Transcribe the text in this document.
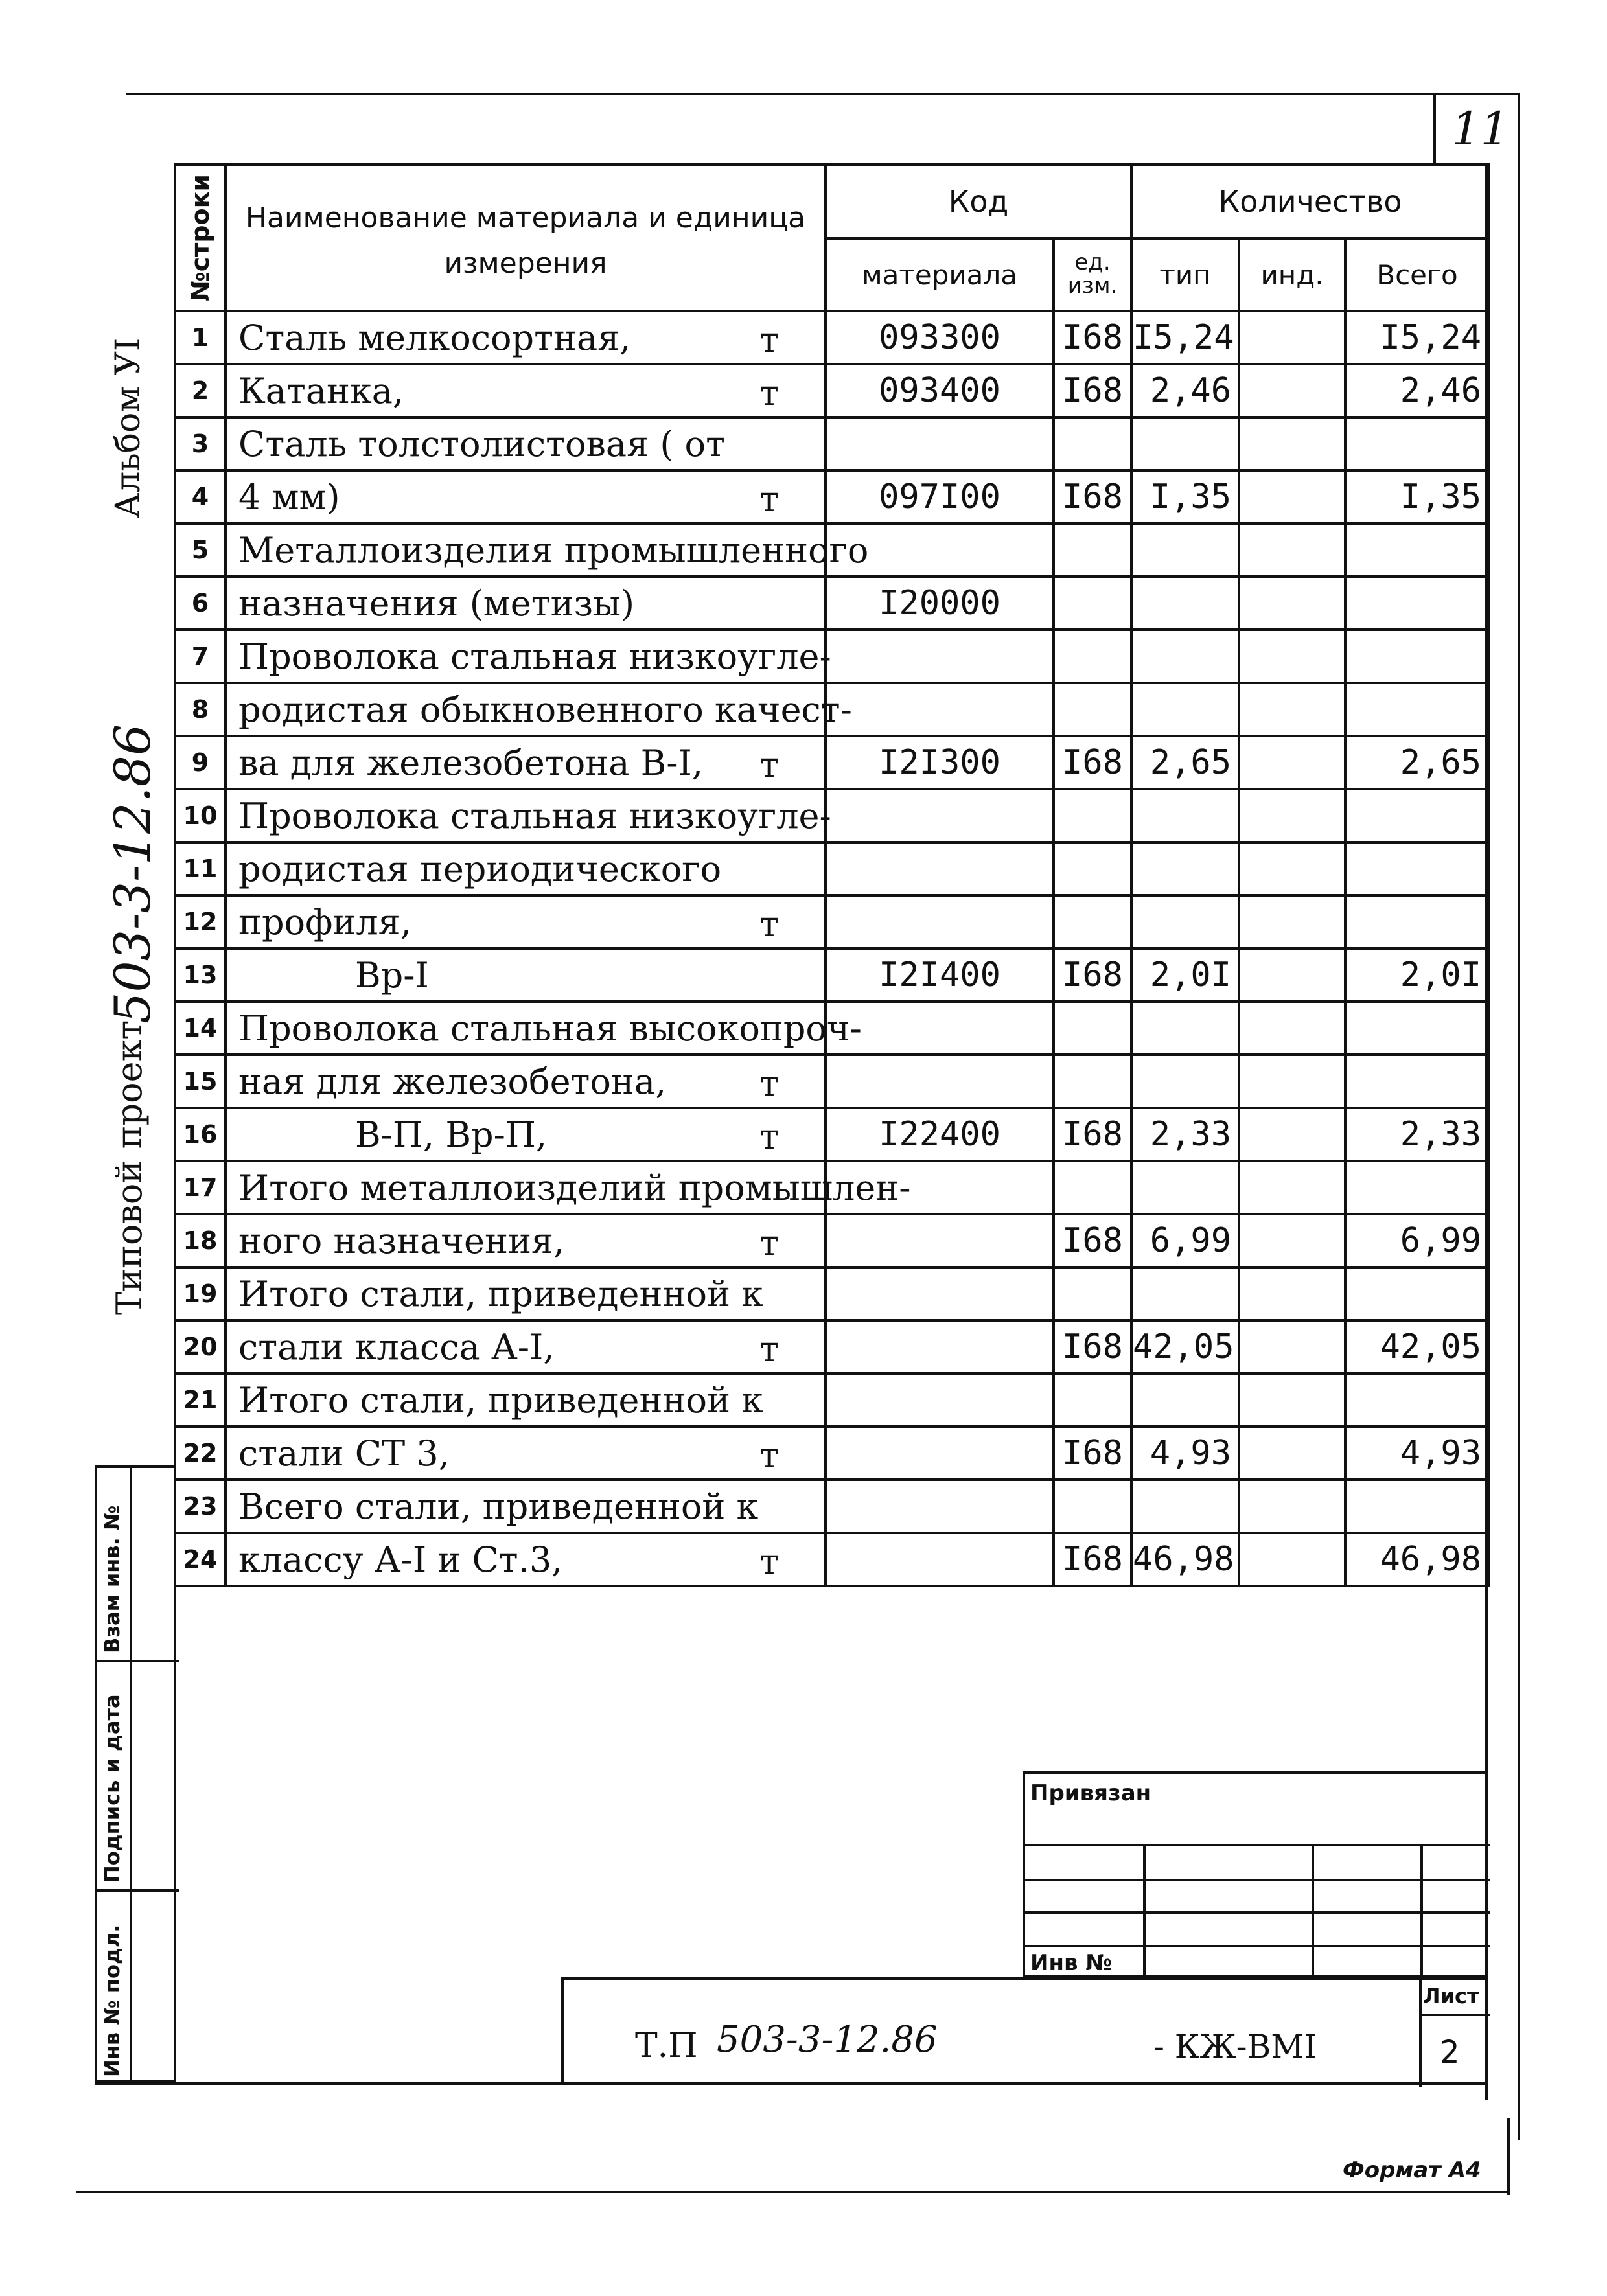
11
Альбом УI
Типовой проект
503-3-12.86
№строки	Наименование материала и единица измерения	Код		Количество		
		материала	ед. изм.	тип	инд.	Всего
1	Сталь мелкосортная, т	093300	I68	I5,24		I5,24
2	Катанка, т	093400	I68	2,46		2,46
3	Сталь толстолистовая ( от

4	4 мм) т	097I00	I68	I,35		I,35
5	Металлоизделия промышленного

6	назначения (метизы)	I20000				
7	Проволока стальная низкоугле-

8	родистая обыкновенного качест-

9	ва для железобетона В-I, т	I2I300	I68	2,65		2,65
10	Проволока стальная низкоугле-

11	родистая периодического

12	профиля, т					

13	Вр-I	I2I400	I68	2,0I		2,0I
14	Проволока стальная высокопроч-

15	ная для железобетона, т					

16	В-П, Вр-П, т	I22400	I68	2,33		2,33
17	Итого металлоизделий промышлен-

18	ного назначения, т		I68	6,99		6,99
19	Итого стали, приведенной к

20	стали класса А-I, т		I68	42,05		42,05
21	Итого стали, приведенной к

22	стали СТ 3, т		I68	4,93		4,93
23	Всего стали, приведенной к

24	классу А-I и Ст.3, т		I68	46,98		46,98
Взам инв. №
Подпись и дата
Инв № подл.
Привязан
Инв №
Т.П 503-3-12.86	- КЖ-ВМI
Лист
2
Формат А4
